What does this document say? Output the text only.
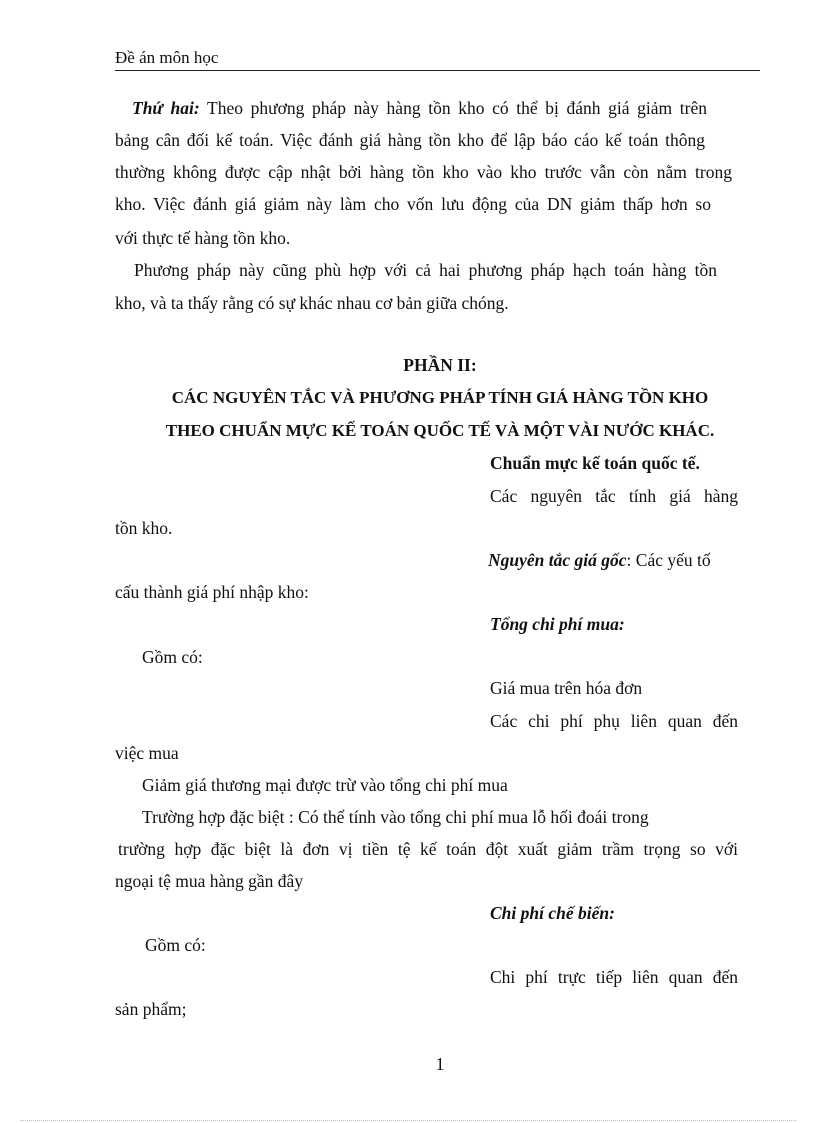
Đề án môn học
Thứ hai: Theo phương pháp này hàng tồn kho có thể bị đánh giá giảm trên
bảng cân đối kế toán. Việc đánh giá hàng tồn kho để lập báo cáo kế toán thông
thường không được cập nhật bởi hàng tồn kho vào kho trước vẫn còn nằm trong
kho. Việc đánh giá giảm này làm cho vốn lưu động của DN giảm thấp hơn so
với thực tế hàng tồn kho.
Phương pháp này cũng phù hợp với cả hai phương pháp hạch toán hàng tồn
kho, và ta thấy rằng có sự khác nhau cơ bản giữa chóng.
PHẦN II:
CÁC NGUYÊN TẮC VÀ PHƯƠNG PHÁP TÍNH GIÁ HÀNG TỒN KHO
THEO CHUẨN MỰC KẾ TOÁN QUỐC TẾ VÀ MỘT VÀI NƯỚC KHÁC.
Chuẩn mực kế toán quốc tế.
Các nguyên tắc tính giá hàng
tồn kho.
Nguyên tắc giá gốc: Các yếu tố
cấu thành giá phí nhập kho:
Tổng chi phí mua:
Gồm có:
Giá mua trên hóa đơn
Các chi phí phụ liên quan đến
việc mua
Giảm giá thương mại được trừ vào tổng chi phí mua
Trường hợp đặc biệt : Có thể tính vào tổng chi phí mua lỗ hối đoái trong
trường hợp đặc biệt là đơn vị tiền tệ kế toán đột xuất giảm trầm trọng so với
ngoại tệ mua hàng gần đây
Chi phí chế biến:
Gồm có:
Chi phí trực tiếp liên quan đến
sản phẩm;
1
